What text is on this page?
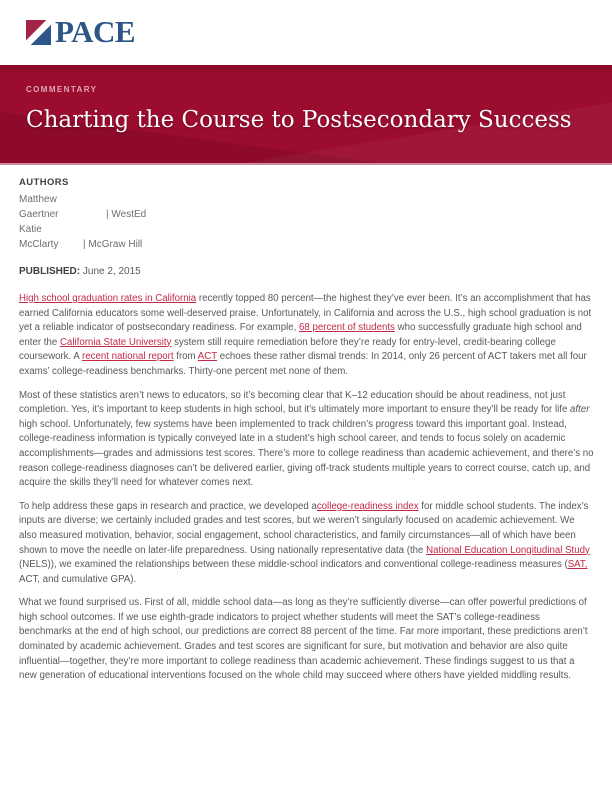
PACE
COMMENTARY
Charting the Course to Postsecondary Success
AUTHORS
Matthew
Gaertner	| WestEd
Katie
McClarty	| McGraw Hill
PUBLISHED: June 2, 2015

High school graduation rates in California recently topped 80 percent—the highest they’ve ever been. It’s an accomplishment that has earned California educators some well-deserved praise. Unfortunately, in California and across the U.S., high school graduation is not yet a reliable indicator of postsecondary readiness. For example, 68 percent of students who successfully graduate high school and enter the California State University system still require remediation before they’re ready for entry-level, credit-bearing college coursework. A recent national report from ACT echoes these rather dismal trends: In 2014, only 26 percent of ACT takers met all four exams’ college-readiness benchmarks. Thirty-one percent met none of them.

Most of these statistics aren’t news to educators, so it’s becoming clear that K–12 education should be about readiness, not just completion. Yes, it’s important to keep students in high school, but it’s ultimately more important to ensure they’ll be ready for life after high school. Unfortunately, few systems have been implemented to track children’s progress toward this important goal. Instead, college-readiness information is typically conveyed late in a student’s high school career, and tends to focus solely on academic accomplishments—grades and admissions test scores. There’s more to college readiness than academic achievement, and there’s no reason college-readiness diagnoses can’t be delivered earlier, giving off-track students multiple years to correct course, catch up, and acquire the skills they’ll need for whatever comes next.

To help address these gaps in research and practice, we developed acollege-readiness index for middle school students. The index’s inputs are diverse; we certainly included grades and test scores, but we weren’t singularly focused on academic achievement. We also measured motivation, behavior, social engagement, school characteristics, and family circumstances—all of which have been shown to move the needle on later-life preparedness. Using nationally representative data (the National Education Longitudinal Study (NELS)), we examined the relationships between these middle-school indicators and conventional college-readiness measures (SAT, ACT, and cumulative GPA).

What we found surprised us. First of all, middle school data—as long as they’re sufficiently diverse—can offer powerful predictions of high school outcomes. If we use eighth-grade indicators to project whether students will meet the SAT’s college-readiness benchmarks at the end of high school, our predictions are correct 88 percent of the time. Far more important, these predictions aren’t dominated by academic achievement. Grades and test scores are significant for sure, but motivation and behavior are also quite influential—together, they’re more important to college readiness than academic achievement. These findings suggest to us that a new generation of educational interventions focused on the whole child may succeed where others have yielded middling results.
